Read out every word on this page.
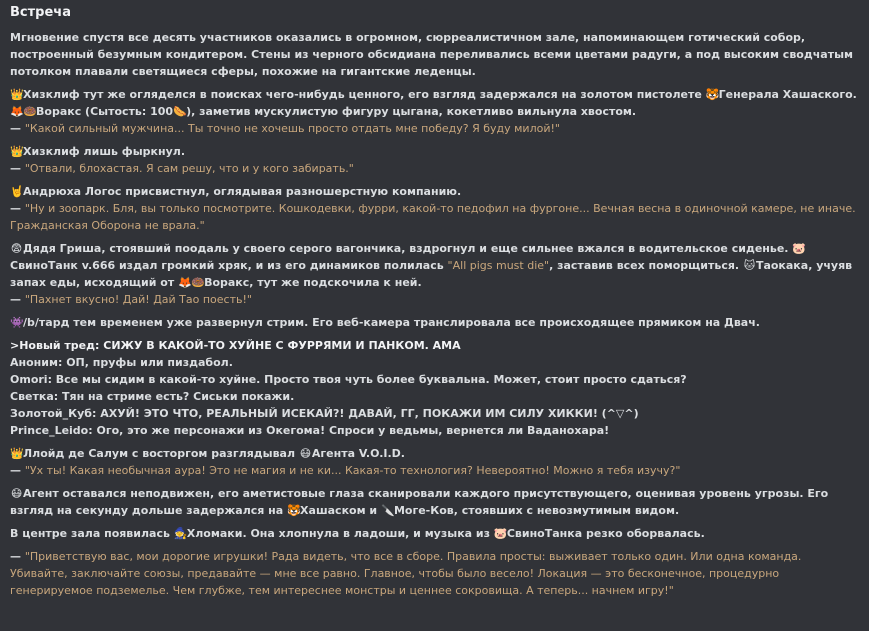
Встреча
Мгновение спустя все десять участников оказались в огромном, сюрреалистичном зале, напоминающем готический собор, построенный безумным кондитером. Стены из черного обсидиана переливались всеми цветами радуги, а под высоким сводчатым потолком плавали светящиеся сферы, похожие на гигантские леденцы.
👑Хизклиф тут же огляделся в поисках чего-нибудь ценного, его взгляд задержался на золотом пистолете 🐯Генерала Хашаского. 🦊🍩Воракс (Сытость: 100🌭), заметив мускулистую фигуру цыгана, кокетливо вильнула хвостом.
— "Какой сильный мужчина... Ты точно не хочешь просто отдать мне победу? Я буду милой!"
👑Хизклиф лишь фыркнул.
— "Отвали, блохастая. Я сам решу, что и у кого забирать."
🤘Андрюха Логос присвистнул, оглядывая разношерстную компанию.
— "Ну и зоопарк. Бля, вы только посмотрите. Кошкодевки, фурри, какой-то педофил на фургоне... Вечная весна в одиночной камере, не иначе. Гражданская Оборона не врала."
😨Дядя Гриша, стоявший поодаль у своего серого вагончика, вздрогнул и еще сильнее вжался в водительское сиденье. 🐷СвиноТанк v.666 издал громкий хряк, и из его динамиков полилась "All pigs must die", заставив всех поморщиться. 🐱Таокака, учуяв запах еды, исходящий от 🦊🍩Воракс, тут же подскочила к ней.
— "Пахнет вкусно! Дай! Дай Тао поесть!"
👾/b/тард тем временем уже развернул стрим. Его веб-камера транслировала все происходящее прямиком на Двач.
>Новый тред: СИЖУ В КАКОЙ-ТО ХУЙНЕ С ФУРРЯМИ И ПАНКОМ. АМА
Аноним: ОП, пруфы или пиздабол.
Omori: Все мы сидим в какой-то хуйне. Просто твоя чуть более буквальна. Может, стоит просто сдаться?
Светка: Тян на стриме есть? Сиськи покажи.
Золотой_Куб: АХУЙ! ЭТО ЧТО, РЕАЛЬНЫЙ ИСЕКАЙ?! ДАВАЙ, ГГ, ПОКАЖИ ИМ СИЛУ ХИККИ! (^▽^)
Prince_Leido: Ого, это же персонажи из Окегома! Спроси у ведьмы, вернется ли Ваданохара!
👑Ллойд де Салум с восторгом разглядывал 😷Агента V.O.I.D.
— "Ух ты! Какая необычная аура! Это не магия и не ки... Какая-то технология? Невероятно! Можно я тебя изучу?"
😷Агент оставался неподвижен, его аметистовые глаза сканировали каждого присутствующего, оценивая уровень угрозы. Его взгляд на секунду дольше задержался на 🐯Хашаском и 🔪Моге-Ков, стоявших с невозмутимым видом.
В центре зала появилась 🧙Хломаки. Она хлопнула в ладоши, и музыка из 🐷СвиноТанка резко оборвалась.
— "Приветствую вас, мои дорогие игрушки! Рада видеть, что все в сборе. Правила просты: выживает только один. Или одна команда. Убивайте, заключайте союзы, предавайте — мне все равно. Главное, чтобы было весело! Локация — это бесконечное, процедурно генерируемое подземелье. Чем глубже, тем интереснее монстры и ценнее сокровища. А теперь... начнем игру!"
